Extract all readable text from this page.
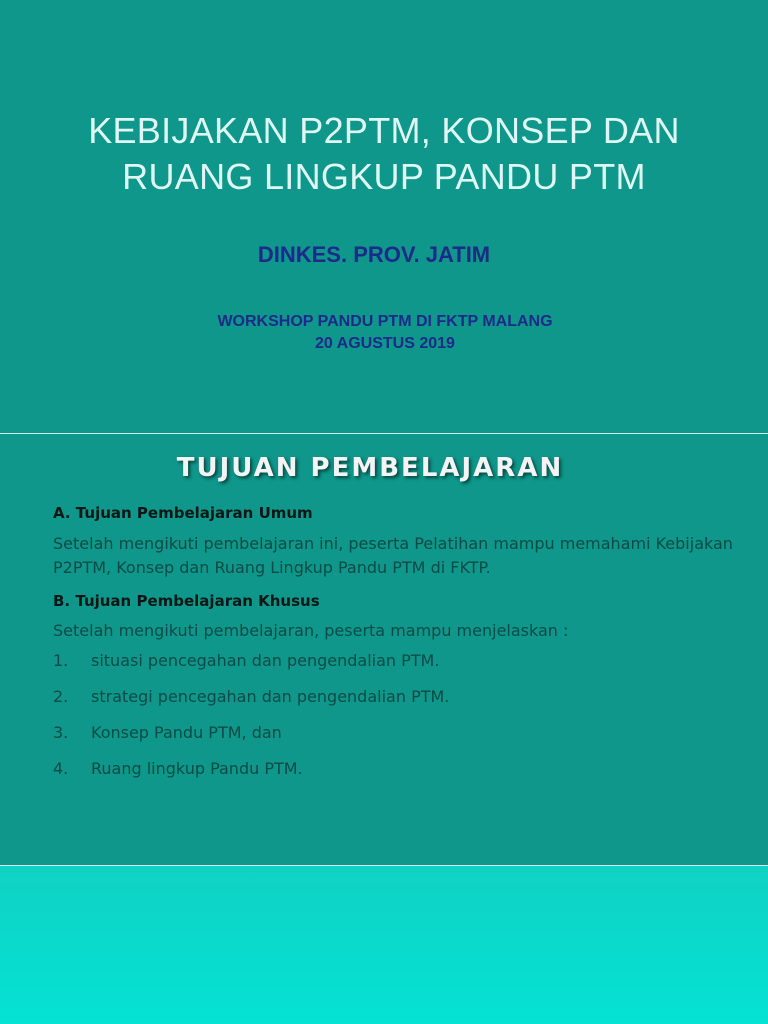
KEBIJAKAN P2PTM, KONSEP DAN
RUANG LINGKUP PANDU PTM
DINKES. PROV. JATIM
WORKSHOP PANDU PTM DI FKTP MALANG
20 AGUSTUS 2019
TUJUAN PEMBELAJARAN

A. Tujuan Pembelajaran Umum

Setelah mengikuti pembelajaran ini, peserta Pelatihan mampu memahami Kebijakan P2PTM, Konsep dan Ruang Lingkup Pandu PTM di FKTP.

B. Tujuan Pembelajaran Khusus

Setelah mengikuti pembelajaran, peserta mampu menjelaskan :

1.	situasi pencegahan dan pengendalian PTM.
2.	strategi pencegahan dan pengendalian PTM.
3.	Konsep Pandu PTM, dan
4.	Ruang lingkup Pandu PTM.
